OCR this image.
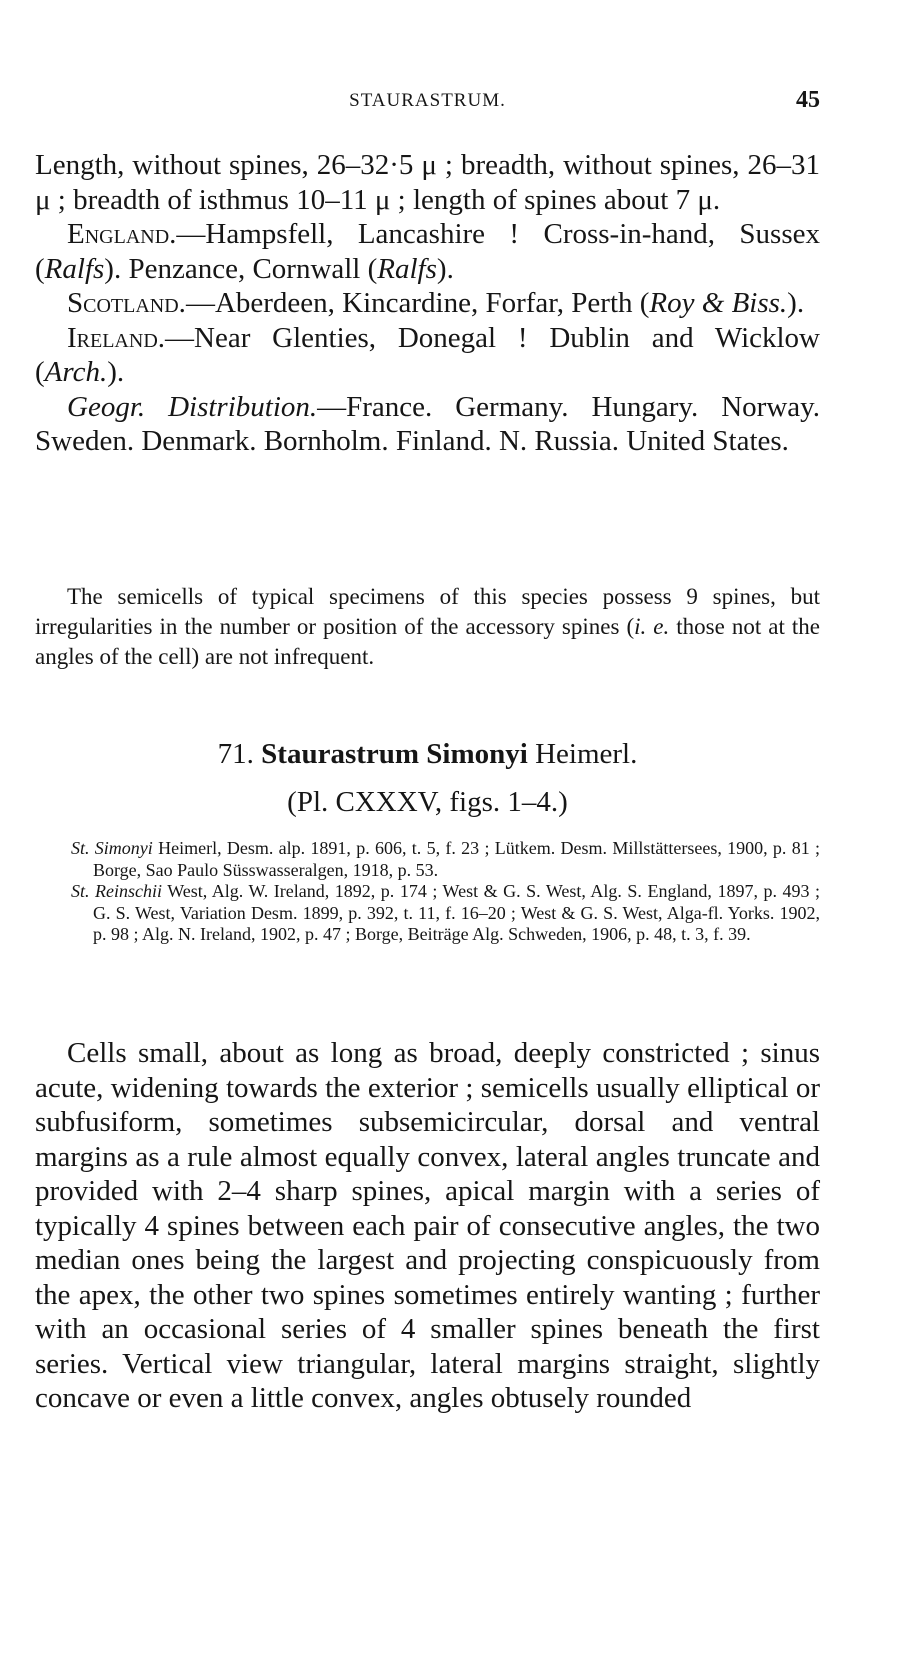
STAURASTRUM.	45

Length, without spines, 26–32·5 μ ; breadth, without spines, 26–31 μ ; breadth of isthmus 10–11 μ ; length of spines about 7 μ.

England.—Hampsfell, Lancashire ! Cross-in-hand, Sussex (Ralfs). Penzance, Cornwall (Ralfs).

Scotland.—Aberdeen, Kincardine, Forfar, Perth (Roy & Biss.).

Ireland.—Near Glenties, Donegal ! Dublin and Wicklow (Arch.).

Geogr. Distribution.—France. Germany. Hungary. Norway. Sweden. Denmark. Bornholm. Finland. N. Russia. United States.

The semicells of typical specimens of this species possess 9 spines, but irregularities in the number or position of the accessory spines (i. e. those not at the angles of the cell) are not infrequent.

71. Staurastrum Simonyi Heimerl.
(Pl. CXXXV, figs. 1–4.)

St. Simonyi Heimerl, Desm. alp. 1891, p. 606, t. 5, f. 23 ; Lütkem. Desm. Millstättersees, 1900, p. 81 ; Borge, Sao Paulo Süsswasseralgen, 1918, p. 53.

St. Reinschii West, Alg. W. Ireland, 1892, p. 174 ; West & G. S. West, Alg. S. England, 1897, p. 493 ; G. S. West, Variation Desm. 1899, p. 392, t. 11, f. 16–20 ; West & G. S. West, Alga-fl. Yorks. 1902, p. 98 ; Alg. N. Ireland, 1902, p. 47 ; Borge, Beiträge Alg. Schweden, 1906, p. 48, t. 3, f. 39.

Cells small, about as long as broad, deeply constricted ; sinus acute, widening towards the exterior ; semicells usually elliptical or subfusiform, sometimes subsemicircular, dorsal and ventral margins as a rule almost equally convex, lateral angles truncate and provided with 2–4 sharp spines, apical margin with a series of typically 4 spines between each pair of consecutive angles, the two median ones being the largest and projecting conspicuously from the apex, the other two spines sometimes entirely wanting ; further with an occasional series of 4 smaller spines beneath the first series. Vertical view triangular, lateral margins straight, slightly concave or even a little convex, angles obtusely rounded
